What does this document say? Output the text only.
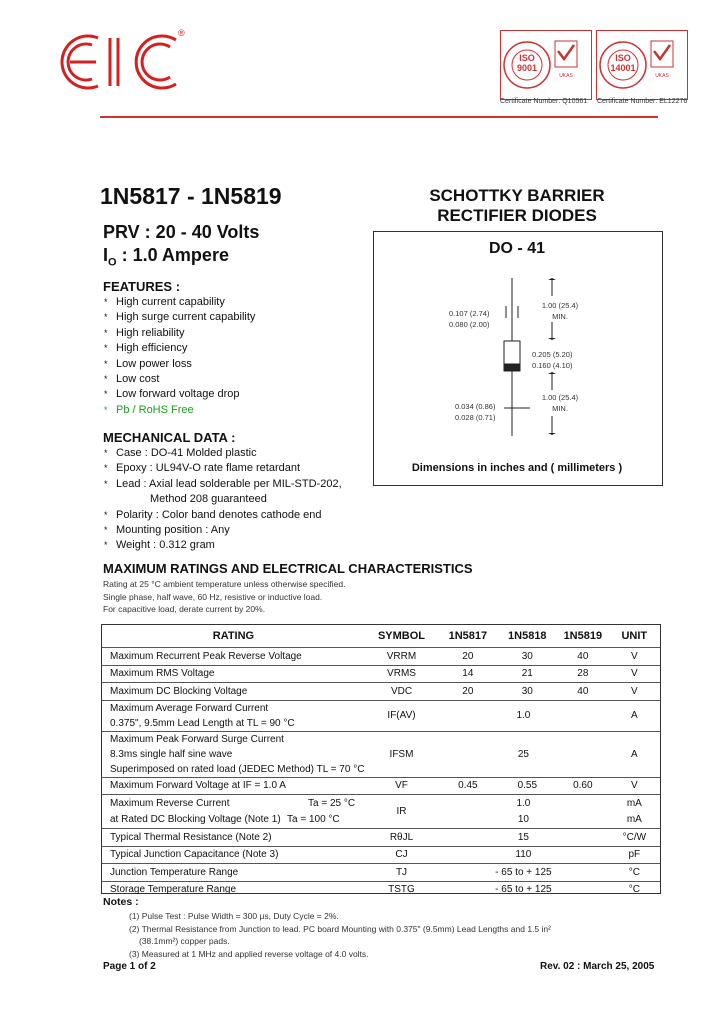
®
UKAS
ISO
9001
UKAS
ISO
14001
Certificate Number: Q10561 Certificate Number: EL12276
1N5817 - 1N5819
PRV : 20 - 40 Volts
$I_O$ : 1.0 Ampere
SCHOTTKY BARRIER
RECTIFIER DIODES
DO - 41
1.00 (25.4)
MIN.
0.107 (2.74)
0.080 (2.00)
0.205 (5.20)
0.160 (4.10)
0.034 (0.86)
0.028 (0.71)
1.00 (25.4)
MIN.
Dimensions in inches and ( millimeters )
FEATURES :
* High current capability
* High surge current capability
* High reliability
* High efficiency
* Low power loss
* Low cost
* Low forward voltage drop
* Pb / RoHS Free
MECHANICAL DATA :
* Case : DO-41 Molded plastic
* Epoxy : UL94V-O rate flame retardant
* Lead : Axial lead solderable per MIL-STD-202,
Method 208 guaranteed
* Polarity : Color band denotes cathode end
* Mounting position : Any
* Weight : 0.312 gram
MAXIMUM RATINGS AND ELECTRICAL CHARACTERISTICS
Rating at 25 °C ambient temperature unless otherwise specified.
Single phase, half wave, 60 Hz, resistive or inductive load.
For capacitive load, derate current by 20%.
RATING	SYMBOL	1N5817	1N5818	1N5819	UNIT
Maximum Recurrent Peak Reverse Voltage	VRRM	20	30	40	V
Maximum RMS Voltage	VRMS	14	21	28	V
Maximum DC Blocking Voltage	VDC	20	30	40	V

Maximum Average Forward Current
0.375", 9.5mm Lead Length at TL = 90 °C	IF(AV)	1.0			A

Maximum Peak Forward Surge Current
8.3ms single half sine wave
Superimposed on rated load (JEDEC Method) TL = 70 °C	IFSM	25			A
Maximum Forward Voltage at IF = 1.0 A	VF	0.45	0.55	0.60	V
Maximum Reverse Current Ta = 25 °C	IR	1.0			mA
at Rated DC Blocking Voltage (Note 1) Ta = 100 °C		10			mA
Typical Thermal Resistance (Note 2)	RθJL	15			°C/W
Typical Junction Capacitance (Note 3)	CJ	110			pF
Junction Temperature Range	TJ	- 65 to + 125			°C
Storage Temperature Range	TSTG	- 65 to + 125			°C
Notes :
(1) Pulse Test : Pulse Width = 300 μs, Duty Cycle = 2%.
(2) Thermal Resistance from Junction to lead. PC board Mounting with 0.375" (9.5mm) Lead Lengths and 1.5 in²
(38.1mm²) copper pads.
(3) Measured at 1 MHz and applied reverse voltage of 4.0 volts.
Page 1 of 2	Rev. 02 : March 25, 2005
